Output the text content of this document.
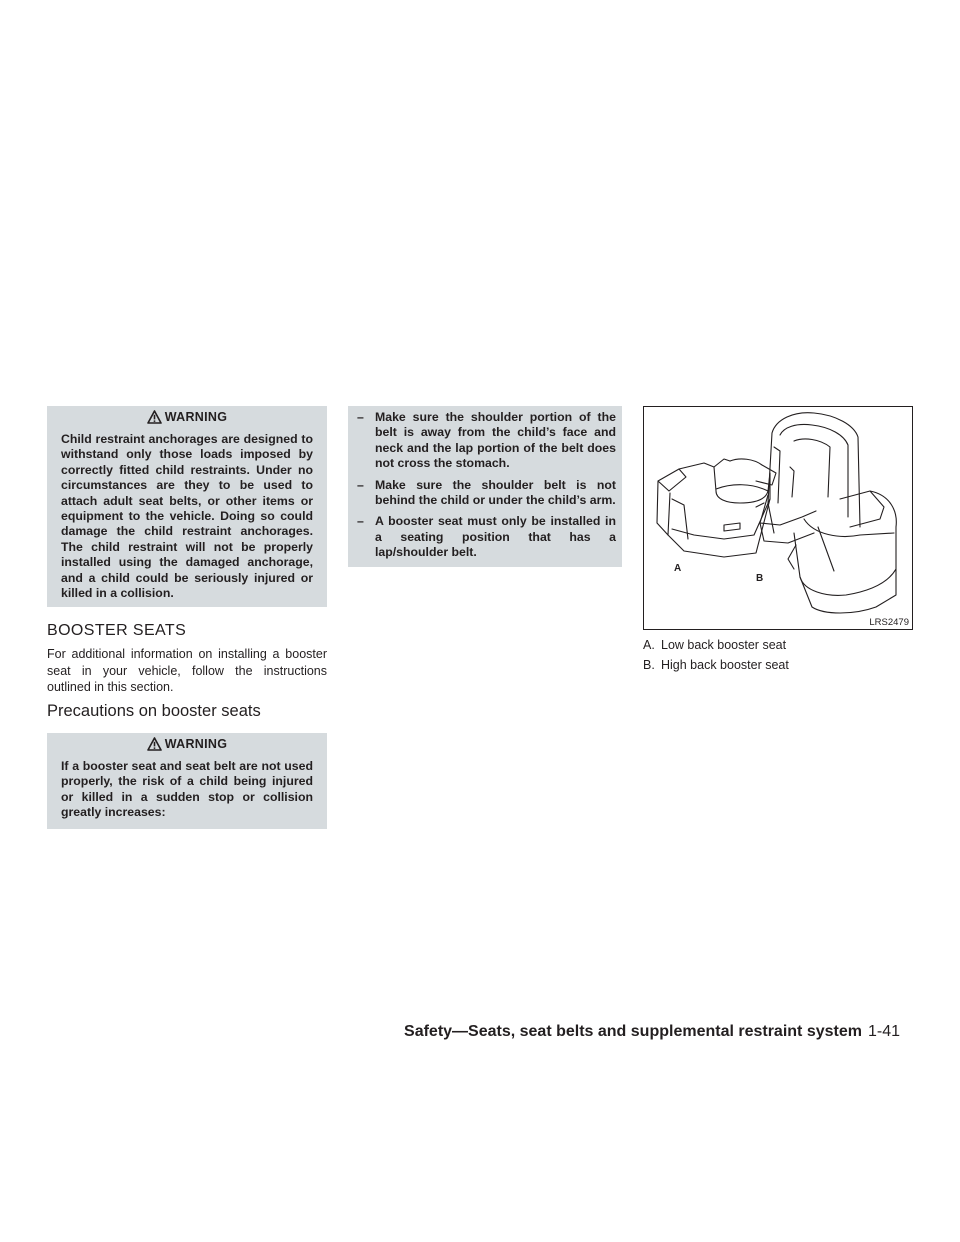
WARNING

Child restraint anchorages are designed to withstand only those loads imposed by correctly fitted child restraints. Under no circumstances are they to be used to attach adult seat belts, or other items or equipment to the vehicle. Doing so could damage the child restraint anchorages. The child restraint will not be properly installed using the damaged anchorage, and a child could be seriously injured or killed in a collision.

BOOSTER SEATS

For additional information on installing a booster seat in your vehicle, follow the instructions outlined in this section.

Precautions on booster seats
WARNING

If a booster seat and seat belt are not used properly, the risk of a child being injured or killed in a sudden stop or collision greatly increases:

– Make sure the shoulder portion of the belt is away from the child’s face and neck and the lap portion of the belt does not cross the stomach.
– Make sure the shoulder belt is not behind the child or under the child’s arm.
– A booster seat must only be installed in a seating position that has a lap/shoulder belt.
A
B
LRS2479
A. Low back booster seat
B. High back booster seat
Safety—Seats, seat belts and supplemental restraint system 1-41
